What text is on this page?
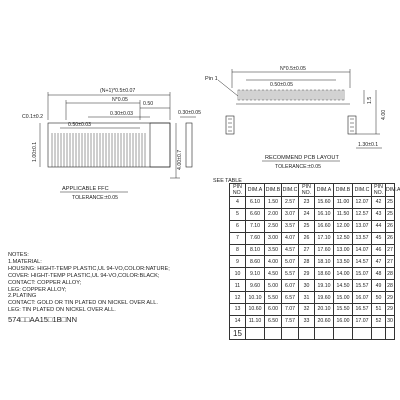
(N+1)*0.5±0.07
N*0.05
0.50
0.30±0.03
0.50±0.03
C0.1±0.2
0.30±0.05
1.00±0.1	4.00±0.7
APPLICABLE FFC
TOLERANCE:±0.05
Pin 1
N*0.5±0.05
0.50±0.05
1.5
4.00
1.30±0.1
RECOMMEND PCB LAYOUT
TOLERANCE:±0.05
SEE TABLE
PIN NO.	DIM.A	DIM.B	DIM.C	PIN NO.	DIM.A	DIM.B	DIM.C	PIN NO.	DIM.A
4	6.10	1.50	2.57	23	15.60	11.00	12.07	42	25
5	6.60	2.00	3.07	24	16.10	11.50	12.57	43	25
6	7.10	2.50	3.57	25	16.60	12.00	13.07	44	26
7	7.60	3.00	4.07	26	17.10	12.50	13.57	45	26
8	8.10	3.50	4.57	27	17.60	13.00	14.07	46	27
9	8.60	4.00	5.07	28	18.10	13.50	14.57	47	27
10	9.10	4.50	5.57	29	18.60	14.00	15.07	48	28
11	9.60	5.00	6.07	30	19.10	14.50	15.57	49	28
12	10.10	5.50	6.57	31	19.60	15.00	16.07	50	29
13	10.60	6.00	7.07	32	20.10	15.50	16.57	51	29
14	11.10	6.50	7.57	33	20.60	16.00	17.07	52	30
15									
NOTES:
1.MATERIAL:
HOUSING: HIGHT-TEMP PLASTIC,UL 94-VO,COLOR:NATURE;
COVER: HIGHT-TEMP PLASTIC,UL 94-VO,COLOR:BLACK;
CONTACT: COPPER ALLOY;
LEG: COPPER ALLOY;
2.PLATING
CONTACT: GOLD OR TIN PLATED ON NICKEL OVER ALL.
LEG: TIN PLATED ON NICKEL OVER ALL.
574□□AA15□1B□NN
